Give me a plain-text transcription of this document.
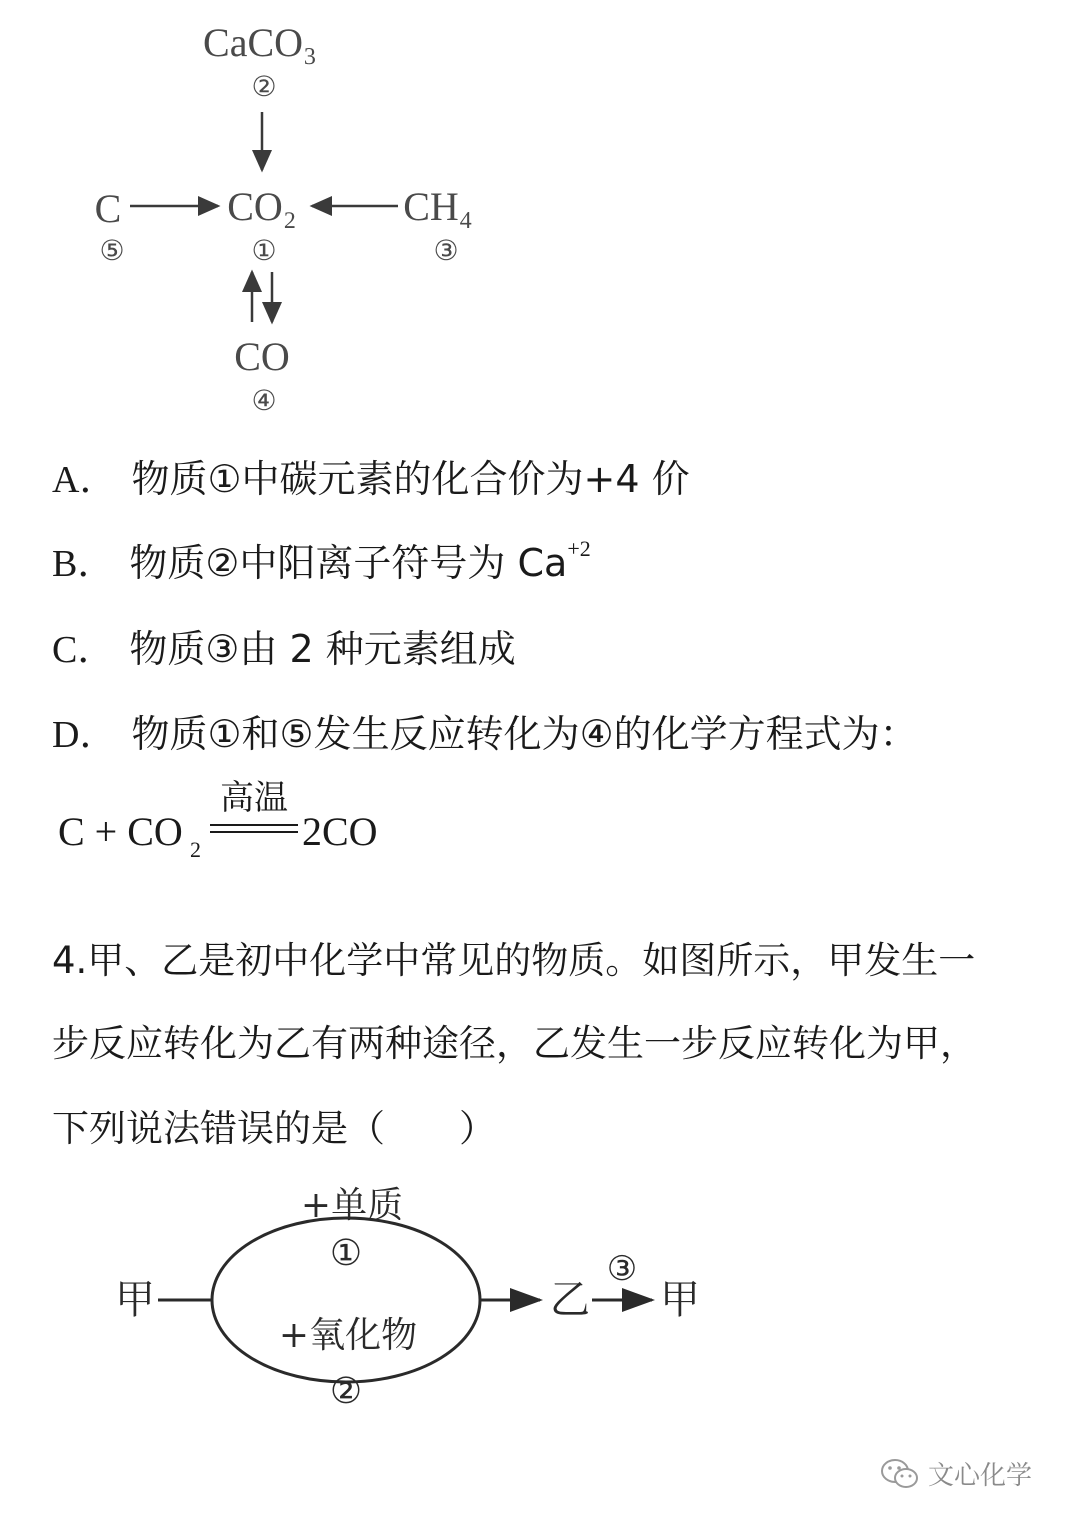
CaCO₃
②
C
⑤
CO₂
①
CH₄
③
CO
④
A． 物质①中碳元素的化合价为+4 价
B． 物质②中阳离子符号为 $Ca^{+2}$
C． 物质③由 2 种元素组成
D． 物质①和⑤发生反应转化为④的化学方程式为：
C + CO 2
高温
2CO
4.甲、乙是初中化学中常见的物质。如图所示，甲发生一
步反应转化为乙有两种途径，乙发生一步反应转化为甲，
下列说法错误的是（　　）
甲
+单质
①
+氧化物
②
乙
③
甲
文心化学
